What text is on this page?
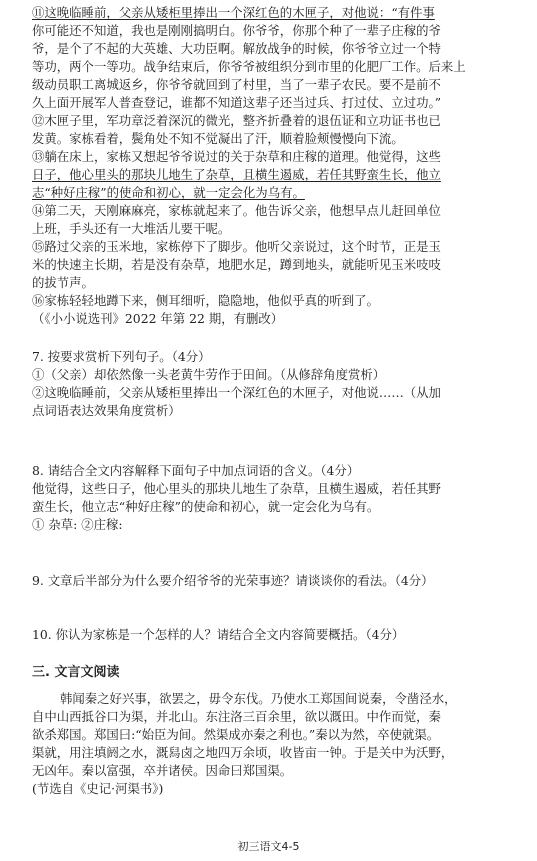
⑪这晚临睡前，父亲从矮柜里捧出一个深红色的木匣子，对他说：“有件事
你可能还不知道，我也是刚刚搞明白。你爷爷，你那个种了一辈子庄稼的爷
爷，是个了不起的大英雄、大功臣啊。解放战争的时候，你爷爷立过一个特
等功，两个一等功。战争结束后，你爷爷被组织分到市里的化肥厂工作。后来上
级动员职工离城返乡，你爷爷就回到了村里，当了一辈子农民。要不是前不
久上面开展军人普查登记，谁都不知道这辈子还当过兵、打过仗、立过功。”
⑫木匣子里，军功章泛着深沉的微光，整齐折叠着的退伍证和立功证书也已
发黄。家栋看着，鬓角处不知不觉凝出了汗，顺着脸颊慢慢向下流。
⑬躺在床上，家栋又想起爷爷说过的关于杂草和庄稼的道理。他觉得，这些
日子，他心里头的那块儿地生了杂草，且横生遏威，若任其野蛮生长，他立
志“种好庄稼”的使命和初心，就一定会化为乌有。
⑭第二天，天刚麻麻亮，家栋就起来了。他告诉父亲，他想早点儿赶回单位
上班，手头还有一大堆活儿要干呢。
⑮路过父亲的玉米地，家栋停下了脚步。他听父亲说过，这个时节，正是玉
米的快速主长期，若是没有杂草，地肥水足，蹲到地头，就能听见玉米吱吱
的拔节声。
⑯家栋轻轻地蹲下来，侧耳细听，隐隐地，他似乎真的听到了。
（《小小说选刊》2022 年第 22 期，有删改）
7. 按要求赏析下列句子。（4分）
①（父亲）却依然像一头老黄牛劳作于田间。（从修辞角度赏析）
②这晚临睡前，父亲从矮柜里捧出一个深红色的木匣子，对他说……（从加
点词语表达效果角度赏析）
8. 请结合全文内容解释下面句子中加点词语的含义。（4分）
他觉得，这些日子，他心里头的那块儿地生了杂草，且横生遏威，若任其野
蛮生长，他立志“种好庄稼”的使命和初心，就一定会化为乌有。
① 杂草: ②庄稼:
9. 文章后半部分为什么要介绍爷爷的光荣事迹？请谈谈你的看法。（4分）
10. 你认为家栋是一个怎样的人？请结合全文内容简要概括。（4分）
三. 文言文阅读
韩闻秦之好兴事，欲罢之，毋令东伐。乃使水工郑国间说秦，令凿泾水，
自中山西抵谷口为渠，并北山。东注洛三百余里，欲以溉田。中作而觉，秦
欲杀郑国。郑国曰:“始臣为间。然渠成亦秦之利也。”秦以为然，卒使就渠。
渠就，用注填阏之水，溉舄卤之地四万余顷，收皆亩一钟。于是关中为沃野，
无凶年。秦以富强，卒并诸侯。因命曰郑国渠。
(节选自《史记·河渠书》)
初三语文4-5
